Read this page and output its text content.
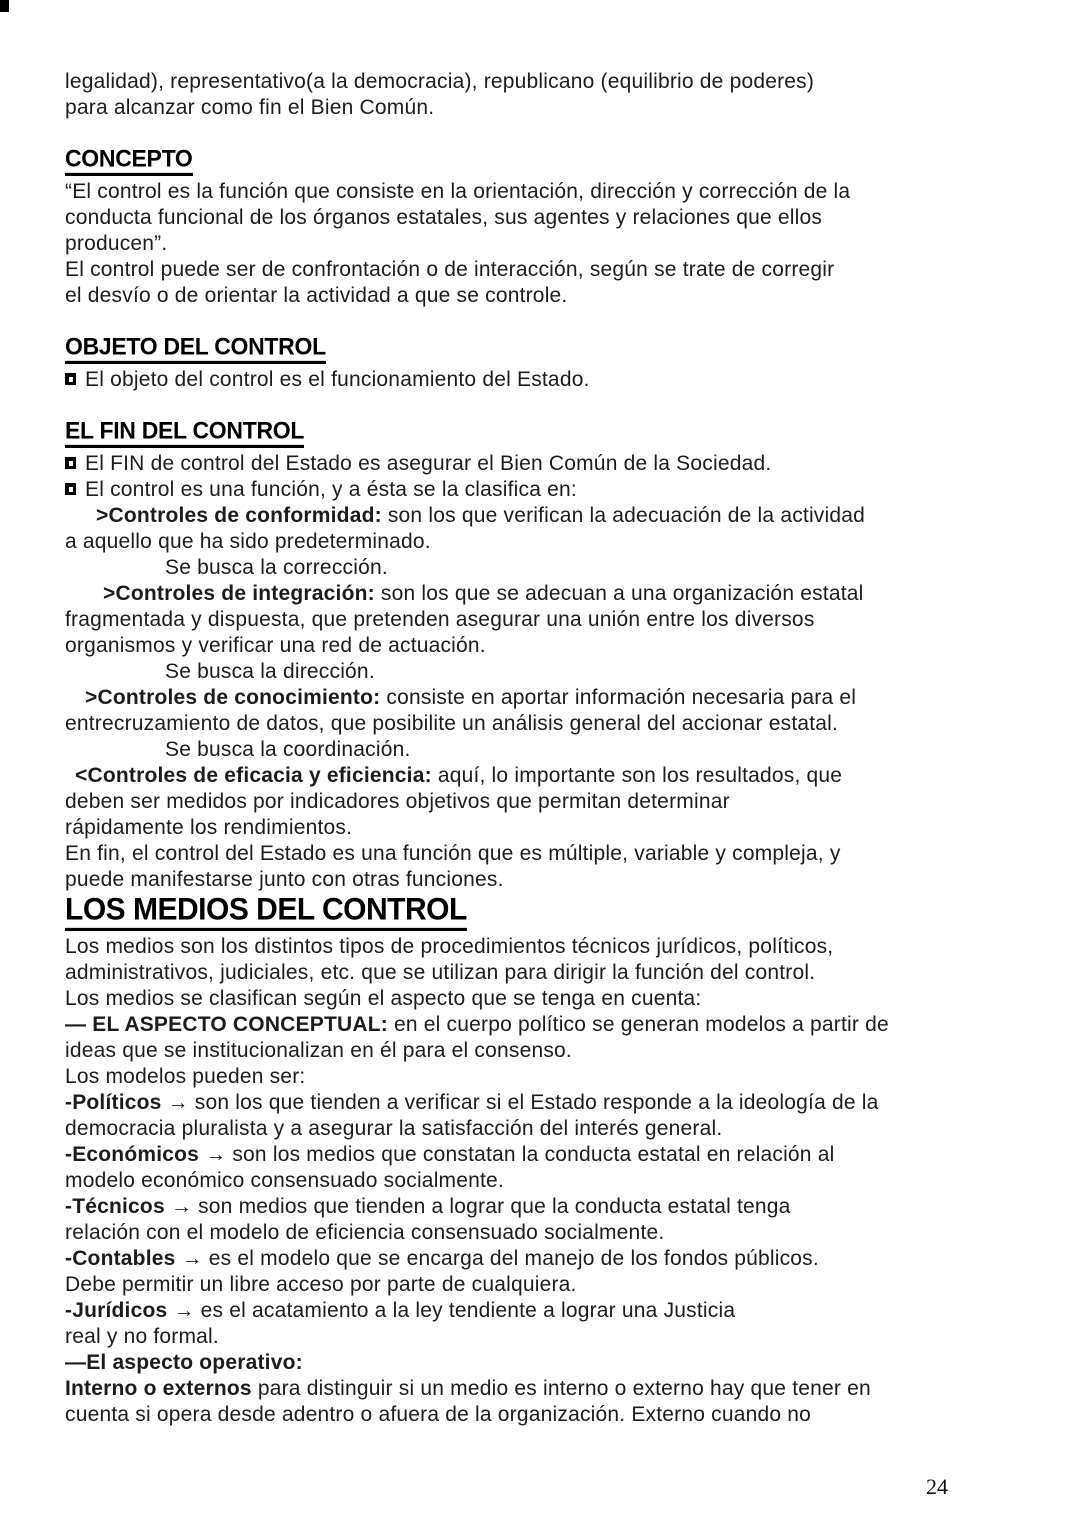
legalidad), representativo(a la democracia), republicano (equilibrio de poderes)
para alcanzar como fin el Bien Común.
CONCEPTO
“El control es la función que consiste en la orientación, dirección y corrección de la
conducta funcional de los órganos estatales, sus agentes y relaciones que ellos
producen”.
El control puede ser de confrontación o de interacción, según se trate de corregir
el desvío o de orientar la actividad a que se controle.
OBJETO DEL CONTROL
El objeto del control es el funcionamiento del Estado.
EL FIN DEL CONTROL
El FIN de control del Estado es asegurar el Bien Común de la Sociedad.
El control es una función, y a ésta se la clasifica en:
>Controles de conformidad: son los que verifican la adecuación de la actividad
a aquello que ha sido predeterminado.
Se busca la corrección.
>Controles de integración: son los que se adecuan a una organización estatal
fragmentada y dispuesta, que pretenden asegurar una unión entre los diversos
organismos y verificar una red de actuación.
Se busca la dirección.
>Controles de conocimiento: consiste en aportar información necesaria para el
entrecruzamiento de datos, que posibilite un análisis general del accionar estatal.
Se busca la coordinación.
<Controles de eficacia y eficiencia: aquí, lo importante son los resultados, que
deben ser medidos por indicadores objetivos que permitan determinar
rápidamente los rendimientos.
En fin, el control del Estado es una función que es múltiple, variable y compleja, y
puede manifestarse junto con otras funciones.
LOS MEDIOS DEL CONTROL
Los medios son los distintos tipos de procedimientos técnicos jurídicos, políticos,
administrativos, judiciales, etc. que se utilizan para dirigir la función del control.
Los medios se clasifican según el aspecto que se tenga en cuenta:
— EL ASPECTO CONCEPTUAL: en el cuerpo político se generan modelos a partir de
ideas que se institucionalizan en él para el consenso.
Los modelos pueden ser:
-Políticos → son los que tienden a verificar si el Estado responde a la ideología de la
democracia pluralista y a asegurar la satisfacción del interés general.
-Económicos → son los medios que constatan la conducta estatal en relación al
modelo económico consensuado socialmente.
-Técnicos → son medios que tienden a lograr que la conducta estatal tenga
relación con el modelo de eficiencia consensuado socialmente.
-Contables → es el modelo que se encarga del manejo de los fondos públicos.
Debe permitir un libre acceso por parte de cualquiera.
-Jurídicos → es el acatamiento a la ley tendiente a lograr una Justicia
real y no formal.
—El aspecto operativo:
Interno o externos para distinguir si un medio es interno o externo hay que tener en
cuenta si opera desde adentro o afuera de la organización. Externo cuando no
24
